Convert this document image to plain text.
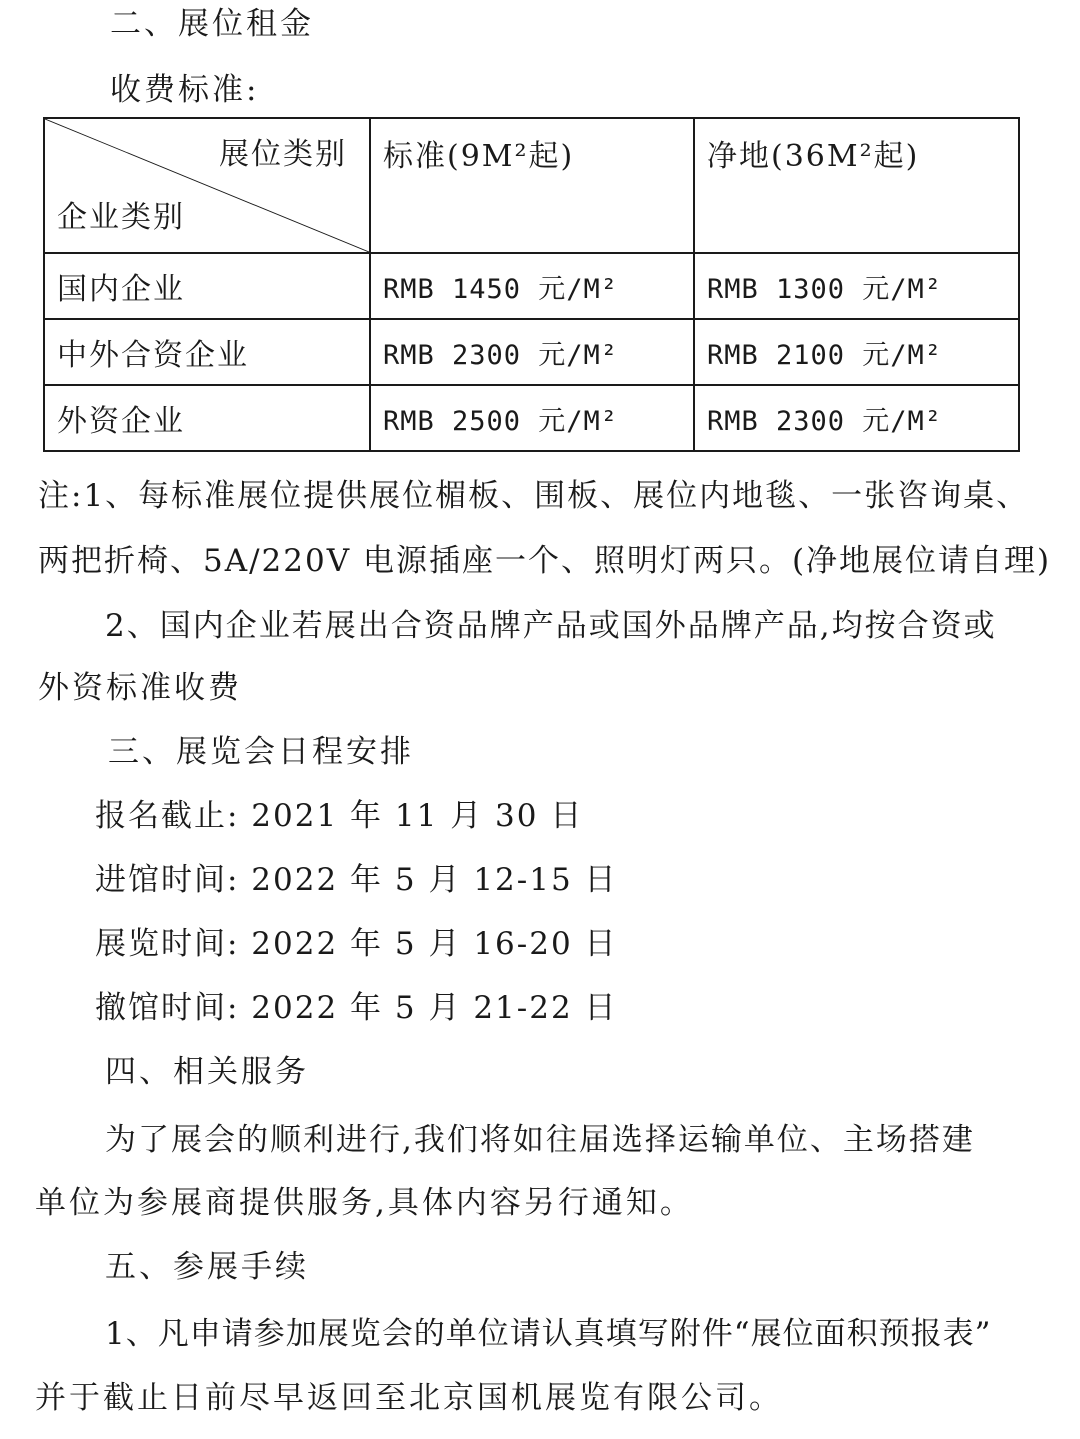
二、展位租金
收费标准:
展位类别
企业类别	标准(9M²起)	净地(36M²起)
国内企业	RMB 1450 元/M²	RMB 1300 元/M²
中外合资企业	RMB 2300 元/M²	RMB 2100 元/M²
外资企业	RMB 2500 元/M²	RMB 2300 元/M²
注:1、每标准展位提供展位楣板、围板、展位内地毯、一张咨询桌、
两把折椅、5A/220V 电源插座一个、照明灯两只。(净地展位请自理)
2、国内企业若展出合资品牌产品或国外品牌产品,均按合资或
外资标准收费
三、展览会日程安排
报名截止: 2021 年 11 月 30 日
进馆时间: 2022 年 5 月 12-15 日
展览时间: 2022 年 5 月 16-20 日
撤馆时间: 2022 年 5 月 21-22 日
四、相关服务
为了展会的顺利进行,我们将如往届选择运输单位、主场搭建
单位为参展商提供服务,具体内容另行通知。
五、参展手续
1、凡申请参加展览会的单位请认真填写附件“展位面积预报表”
并于截止日前尽早返回至北京国机展览有限公司。
